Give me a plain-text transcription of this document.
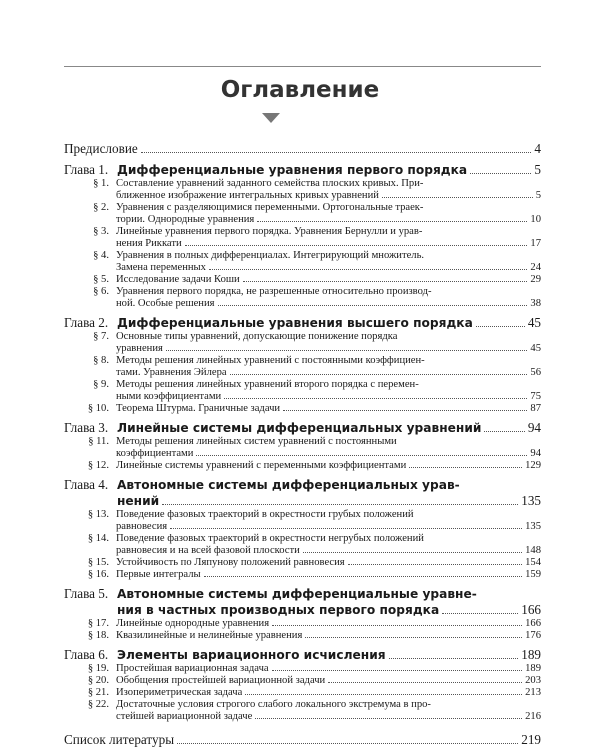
Оглавление
Предисловие	4
Глава 1. Дифференциальные уравнения первого порядка	5
§ 1. Составление уравнений заданного семейства плоских кривых. При-
ближенное изображение интегральных кривых уравнений	5
§ 2. Уравнения с разделяющимися переменными. Ортогональные траек-
тории. Однородные уравнения	10
§ 3. Линейные уравнения первого порядка. Уравнения Бернулли и урав-
нения Риккати	17
§ 4. Уравнения в полных дифференциалах. Интегрирующий множитель.
Замена переменных	24
§ 5. Исследование задачи Коши	29
§ 6. Уравнения первого порядка, не разрешенные относительно производ-
ной. Особые решения	38
Глава 2. Дифференциальные уравнения высшего порядка	45
§ 7. Основные типы уравнений, допускающие понижение порядка
уравнения	45
§ 8. Методы решения линейных уравнений с постоянными коэффициен-
тами. Уравнения Эйлера	56
§ 9. Методы решения линейных уравнений второго порядка с перемен-
ными коэффициентами	75
§ 10. Теорема Штурма. Граничные задачи	87
Глава 3. Линейные системы дифференциальных уравнений	94
§ 11. Методы решения линейных систем уравнений с постоянными
коэффициентами	94
§ 12. Линейные системы уравнений с переменными коэффициентами	129
Глава 4. Автономные системы дифференциальных урав-
нений	135
§ 13. Поведение фазовых траекторий в окрестности грубых положений
равновесия	135
§ 14. Поведение фазовых траекторий в окрестности негрубых положений
равновесия и на всей фазовой плоскости	148
§ 15. Устойчивость по Ляпунову положений равновесия	154
§ 16. Первые интегралы	159
Глава 5. Автономные системы дифференциальные уравне-
ния в частных производных первого порядка	166
§ 17. Линейные однородные уравнения	166
§ 18. Квазилинейные и нелинейные уравнения	176
Глава 6. Элементы вариационного исчисления	189
§ 19. Простейшая вариационная задача	189
§ 20. Обобщения простейшей вариационной задачи	203
§ 21. Изопериметрическая задача	213
§ 22. Достаточные условия строгого слабого локального экстремума в про-
стейшей вариационной задаче	216
Список литературы	219
